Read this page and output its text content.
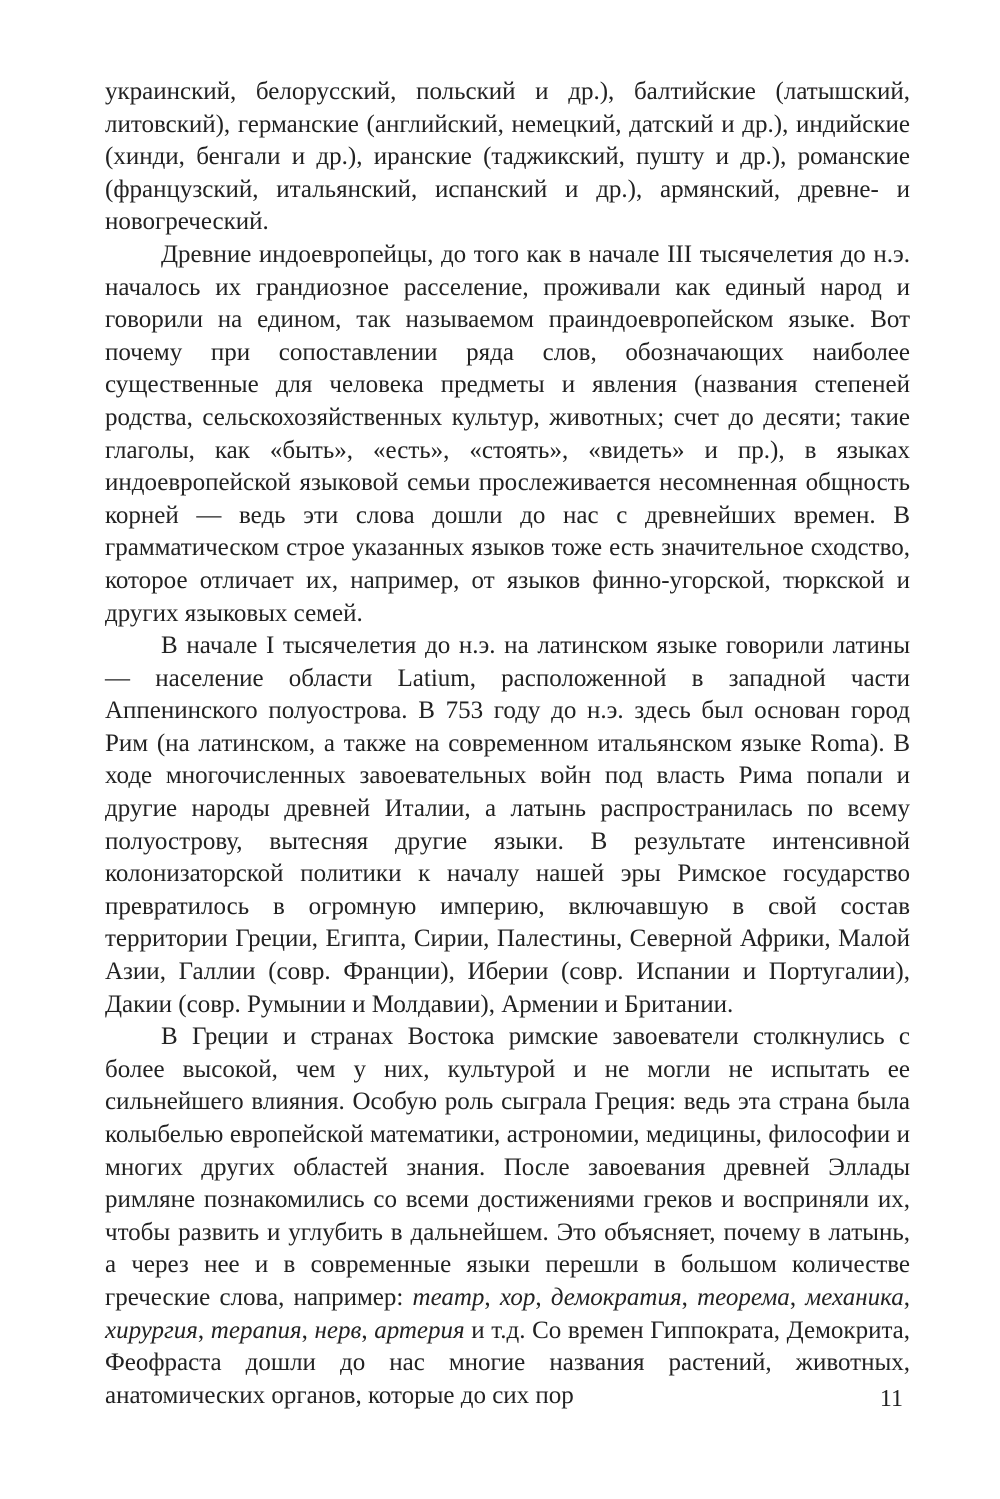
украинский, белорусский, польский и др.), балтийские (латышский, литовский), германские (английский, немецкий, датский и др.), индийские (хинди, бенгали и др.), иранские (таджикский, пушту и др.), романские (французский, итальянский, испанский и др.), армянский, древне- и новогреческий.

Древние индоевропейцы, до того как в начале III тысячелетия до н.э. началось их грандиозное расселение, проживали как единый народ и говорили на едином, так называемом праиндоевропейском языке. Вот почему при сопоставлении ряда слов, обозначающих наиболее существенные для человека предметы и явления (названия степеней родства, сельскохозяйственных культур, животных; счет до десяти; такие глаголы, как «быть», «есть», «стоять», «видеть» и пр.), в языках индоевропейской языковой семьи прослеживается несомненная общность корней — ведь эти слова дошли до нас с древнейших времен. В грамматическом строе указанных языков тоже есть значительное сходство, которое отличает их, например, от языков финно-угорской, тюркской и других языковых семей.

В начале I тысячелетия до н.э. на латинском языке говорили латины — население области Latium, расположенной в западной части Аппенинского полуострова. В 753 году до н.э. здесь был основан город Рим (на латинском, а также на современном итальянском языке Roma). В ходе многочисленных завоевательных войн под власть Рима попали и другие народы древней Италии, а латынь распространилась по всему полуострову, вытесняя другие языки. В результате интенсивной колонизаторской политики к началу нашей эры Римское государство превратилось в огромную империю, включавшую в свой состав территории Греции, Египта, Сирии, Палестины, Северной Африки, Малой Азии, Галлии (совр. Франции), Иберии (совр. Испании и Португалии), Дакии (совр. Румынии и Молдавии), Армении и Британии.

В Греции и странах Востока римские завоеватели столкнулись с более высокой, чем у них, культурой и не могли не испытать ее сильнейшего влияния. Особую роль сыграла Греция: ведь эта страна была колыбелью европейской математики, астрономии, медицины, философии и многих других областей знания. После завоевания древней Эллады римляне познакомились со всеми достижениями греков и восприняли их, чтобы развить и углубить в дальнейшем. Это объясняет, почему в латынь, а через нее и в современные языки перешли в большом количестве греческие слова, например: театр, хор, демократия, теорема, механика, хирургия, терапия, нерв, артерия и т.д. Со времен Гиппократа, Демокрита, Феофраста дошли до нас многие названия растений, животных, анатомических органов, которые до сих пор	11
